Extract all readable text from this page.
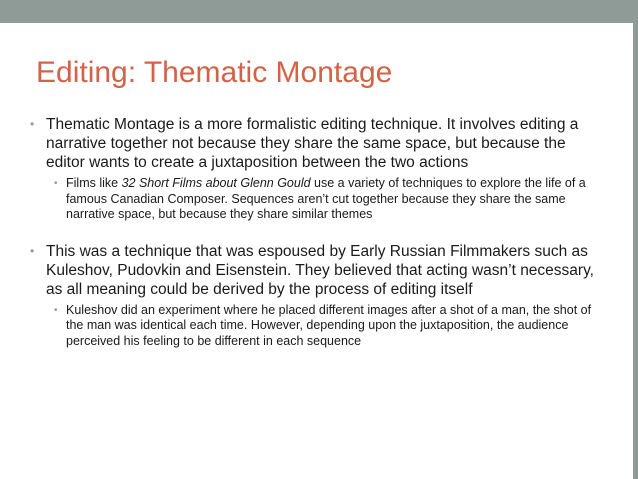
Editing: Thematic Montage
• Thematic Montage is a more formalistic editing technique. It involves editing a narrative together not because they share the same space, but because the editor wants to create a juxtaposition between the two actions
• Films like 32 Short Films about Glenn Gould use a variety of techniques to explore the life of a famous Canadian Composer. Sequences aren’t cut together because they share the same narrative space, but because they share similar themes
• This was a technique that was espoused by Early Russian Filmmakers such as Kuleshov, Pudovkin and Eisenstein. They believed that acting wasn’t necessary, as all meaning could be derived by the process of editing itself
• Kuleshov did an experiment where he placed different images after a shot of a man, the shot of the man was identical each time. However, depending upon the juxtaposition, the audience perceived his feeling to be different in each sequence
